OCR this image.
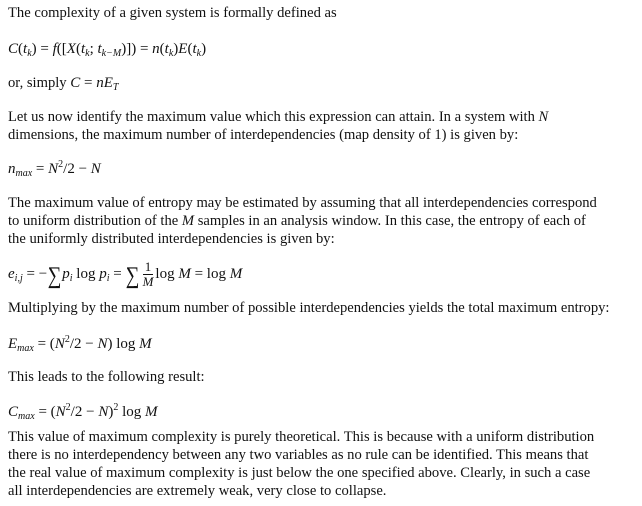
The complexity of a given system is formally defined as

$C(t_k) = f([X(t_k$; $t_{k-M})]) = n(t_k)E(t_k)$

or, simply $C = nE_T$

Let us now identify the maximum value which this expression can attain. In a system with N
dimensions, the maximum number of interdependencies (map density of 1) is given by:

$n_{max} = N^2/2 - N$

The maximum value of entropy may be estimated by assuming that all interdependencies correspond
to uniform distribution of the M samples in an analysis window. In this case, the entropy of each of
the uniformly distributed interdependencies is given by:

$e_{i,j} = -\sum p_i$ $\log p_i$ = ∑ $\frac{1}{M}$ log M = log M

Multiplying by the maximum number of possible interdependencies yields the total maximum entropy:

$E_{max} = (N^2/2 - N)$ log M

This leads to the following result:

$C_{max} = (N^2/2 - N)^2$ log M

This value of maximum complexity is purely theoretical. This is because with a uniform distribution
there is no interdependency between any two variables as no rule can be identified. This means that
the real value of maximum complexity is just below the one specified above. Clearly, in such a case
all interdependencies are extremely weak, very close to collapse.
